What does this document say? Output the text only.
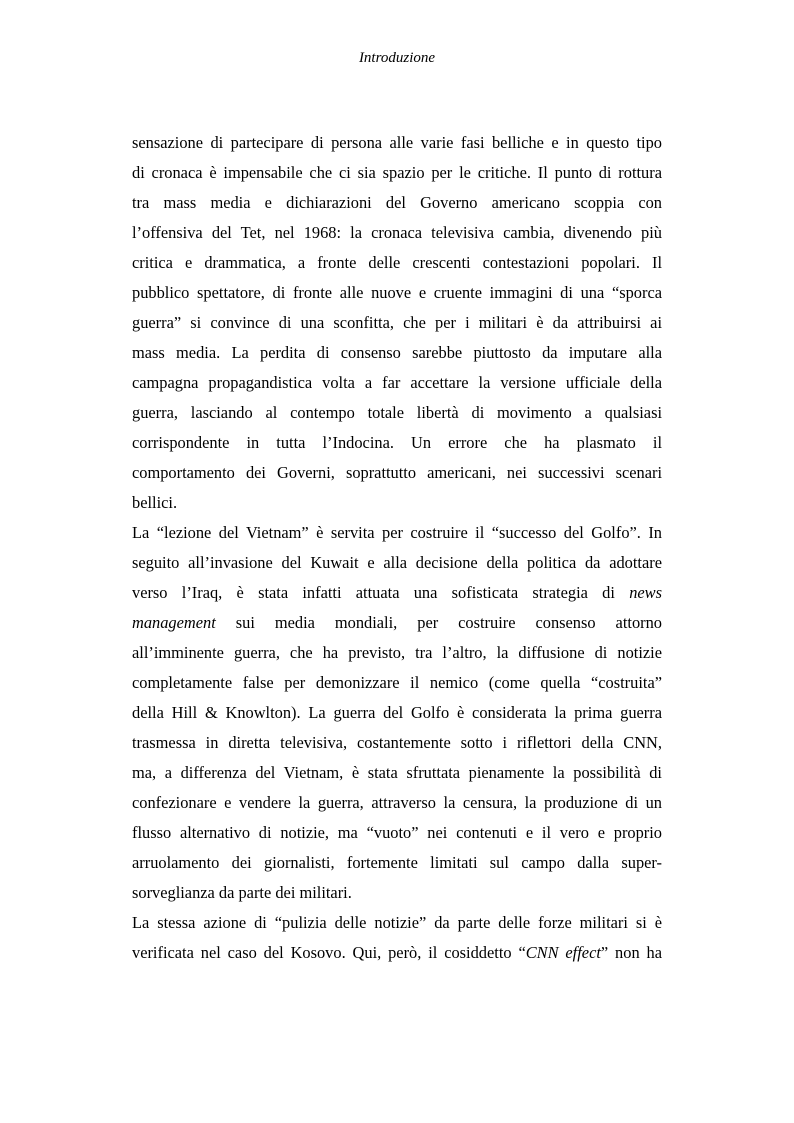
Introduzione
sensazione di partecipare di persona alle varie fasi belliche e in questo tipo
di cronaca è impensabile che ci sia spazio per le critiche. Il punto di rottura
tra mass media e dichiarazioni del Governo americano scoppia con
l’offensiva del Tet, nel 1968: la cronaca televisiva cambia, divenendo più
critica e drammatica, a fronte delle crescenti contestazioni popolari. Il
pubblico spettatore, di fronte alle nuove e cruente immagini di una “sporca
guerra” si convince di una sconfitta, che per i militari è da attribuirsi ai
mass media. La perdita di consenso sarebbe piuttosto da imputare alla
campagna propagandistica volta a far accettare la versione ufficiale della
guerra, lasciando al contempo totale libertà di movimento a qualsiasi
corrispondente in tutta l’Indocina. Un errore che ha plasmato il
comportamento dei Governi, soprattutto americani, nei successivi scenari
bellici.
La “lezione del Vietnam” è servita per costruire il “successo del Golfo”. In
seguito all’invasione del Kuwait e alla decisione della politica da adottare
verso l’Iraq, è stata infatti attuata una sofisticata strategia di news
management sui media mondiali, per costruire consenso attorno
all’imminente guerra, che ha previsto, tra l’altro, la diffusione di notizie
completamente false per demonizzare il nemico (come quella “costruita”
della Hill & Knowlton). La guerra del Golfo è considerata la prima guerra
trasmessa in diretta televisiva, costantemente sotto i riflettori della CNN,
ma, a differenza del Vietnam, è stata sfruttata pienamente la possibilità di
confezionare e vendere la guerra, attraverso la censura, la produzione di un
flusso alternativo di notizie, ma “vuoto” nei contenuti e il vero e proprio
arruolamento dei giornalisti, fortemente limitati sul campo dalla super-
sorveglianza da parte dei militari.
La stessa azione di “pulizia delle notizie” da parte delle forze militari si è
verificata nel caso del Kosovo. Qui, però, il cosiddetto “CNN effect” non ha
